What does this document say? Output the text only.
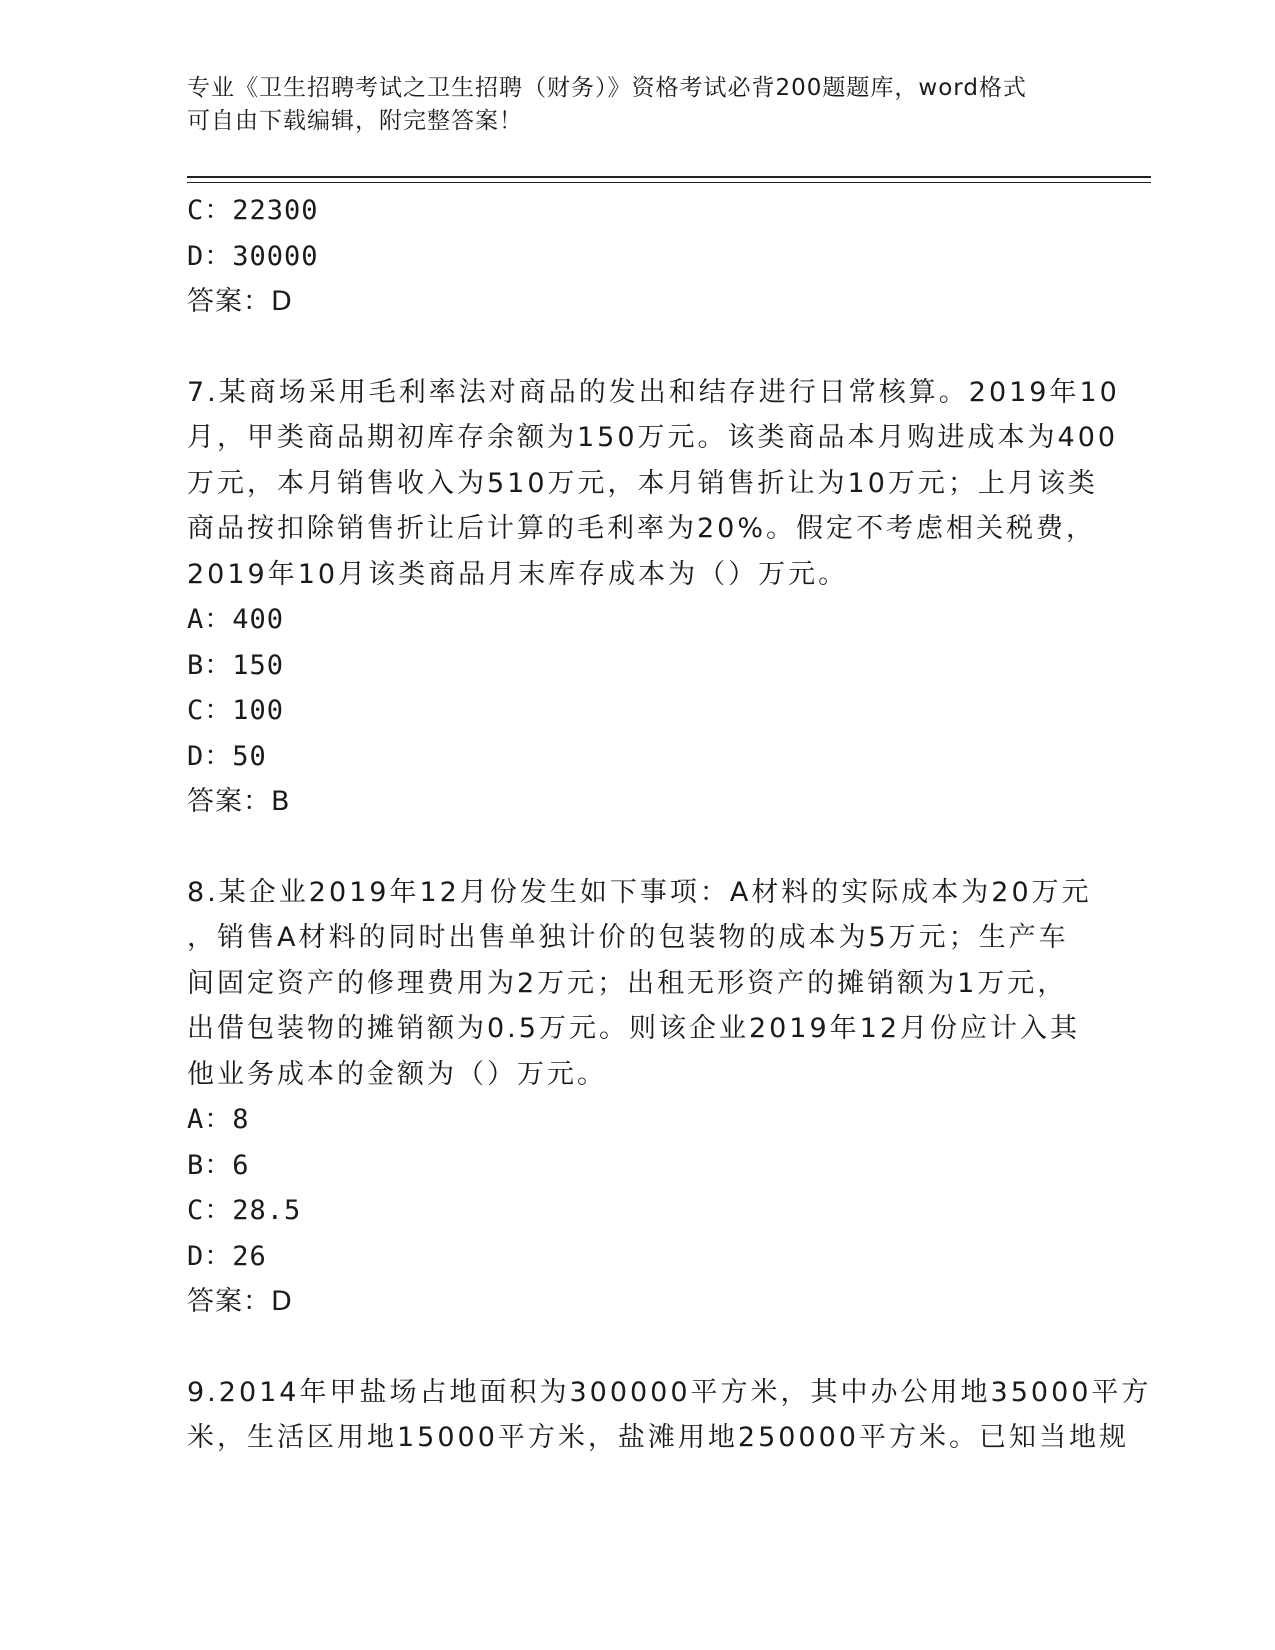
专业《卫生招聘考试之卫生招聘（财务）》资格考试必背200题题库，word格式
可自由下载编辑，附完整答案！
C：22300
D：30000
答案：D
7.某商场采用毛利率法对商品的发出和结存进行日常核算。2019年10
月，甲类商品期初库存余额为150万元。该类商品本月购进成本为400
万元，本月销售收入为510万元，本月销售折让为10万元；上月该类
商品按扣除销售折让后计算的毛利率为20%。假定不考虑相关税费，
2019年10月该类商品月末库存成本为（）万元。
A：400
B：150
C：100
D：50
答案：B
8.某企业2019年12月份发生如下事项：A材料的实际成本为20万元
，销售A材料的同时出售单独计价的包装物的成本为5万元；生产车
间固定资产的修理费用为2万元；出租无形资产的摊销额为1万元，
出借包装物的摊销额为0.5万元。则该企业2019年12月份应计入其
他业务成本的金额为（）万元。
A：8
B：6
C：28.5
D：26
答案：D
9.2014年甲盐场占地面积为300000平方米，其中办公用地35000平方
米，生活区用地15000平方米，盐滩用地250000平方米。已知当地规
